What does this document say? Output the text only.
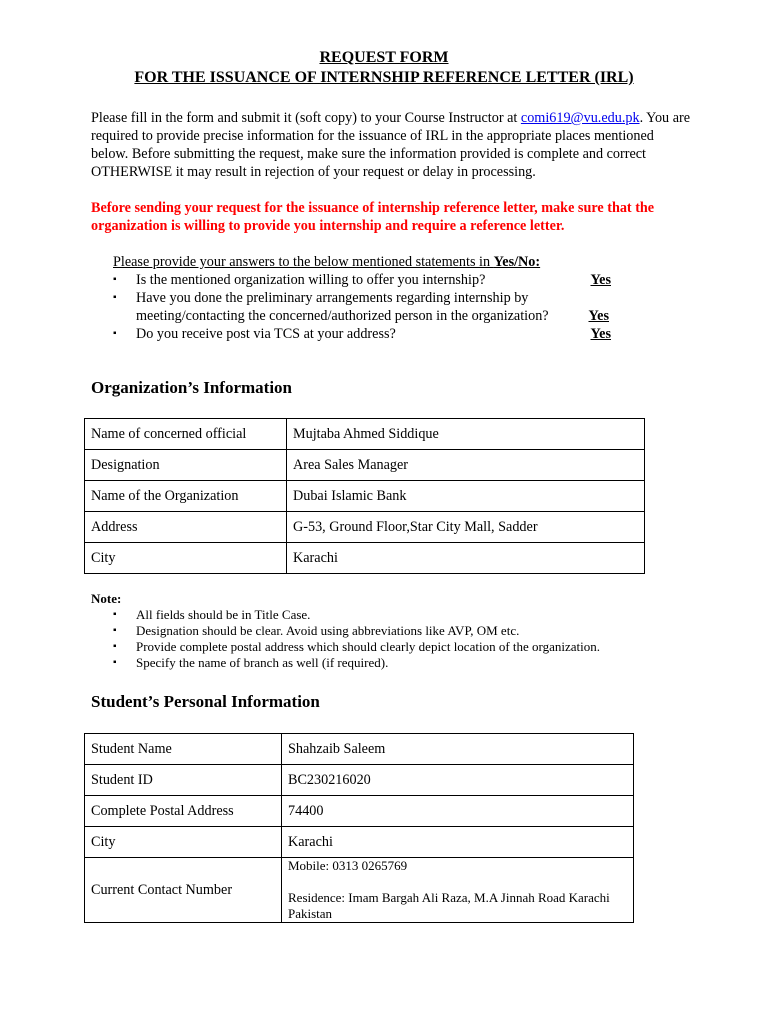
REQUEST FORM
FOR THE ISSUANCE OF INTERNSHIP REFERENCE LETTER (IRL)
Please fill in the form and submit it (soft copy) to your Course Instructor at comi619@vu.edu.pk. You are required to provide precise information for the issuance of IRL in the appropriate places mentioned below. Before submitting the request, make sure the information provided is complete and correct OTHERWISE it may result in rejection of your request or delay in processing.
Before sending your request for the issuance of internship reference letter, make sure that the organization is willing to provide you internship and require a reference letter.
Please provide your answers to the below mentioned statements in Yes/No:
▪ Is the mentioned organization willing to offer you internship?	Yes
▪ Have you done the preliminary arrangements regarding internship by meeting/contacting the concerned/authorized person in the organization?	Yes
▪ Do you receive post via TCS at your address?	Yes
Organization’s Information
Name of concerned official	Mujtaba Ahmed Siddique
Designation	Area Sales Manager
Name of the Organization	Dubai Islamic Bank
Address	G-53, Ground Floor,Star City Mall, Sadder
City	Karachi
Note:
▪ All fields should be in Title Case.
▪ Designation should be clear. Avoid using abbreviations like AVP, OM etc.
▪ Provide complete postal address which should clearly depict location of the organization.
▪ Specify the name of branch as well (if required).
Student’s Personal Information
Student Name	Shahzaib Saleem
Student ID	BC230216020
Complete Postal Address	74400
City	Karachi
Current Contact Number	Mobile: 0313 0265769
Residence: Imam Bargah Ali Raza, M.A Jinnah Road Karachi Pakistan
